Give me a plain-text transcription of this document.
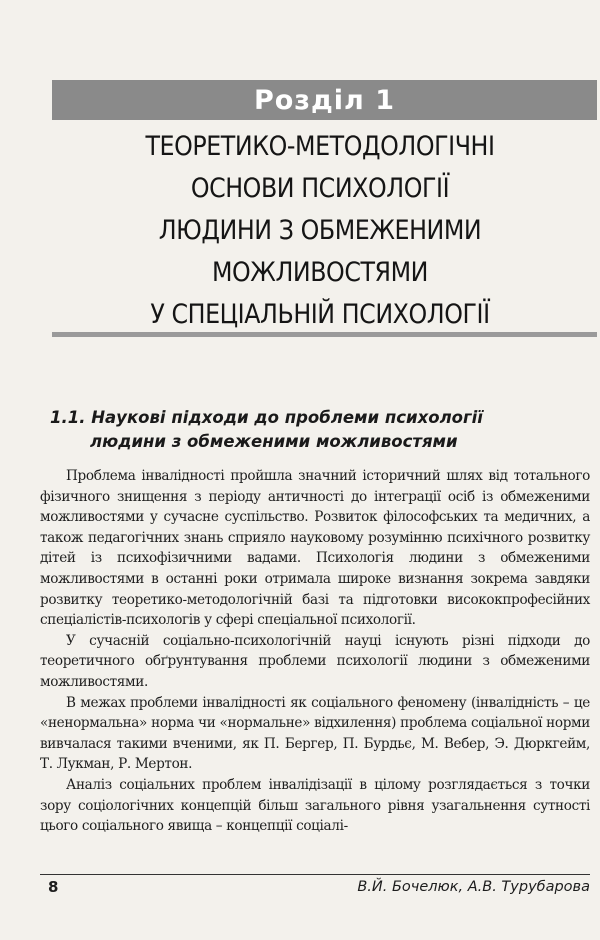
Розділ 1
ТЕОРЕТИКО-МЕТОДОЛОГІЧНІ
ОСНОВИ ПСИХОЛОГІЇ
ЛЮДИНИ З ОБМЕЖЕНИМИ
МОЖЛИВОСТЯМИ
У СПЕЦІАЛЬНІЙ ПСИХОЛОГІЇ
1.1. Наукові підходи до проблеми психології
людини з обмеженими можливостями

Проблема інвалідності пройшла значний історичний шлях від тотального фізичного знищення з періоду античності до інтеграції осіб із обмеженими можливостями у сучасне суспільство. Розвиток філософських та медичних, а також педагогічних знань сприяло науковому розумінню психічного розвитку дітей із психофізичними вадами. Психологія людини з обмеженими можливостями в останні роки отримала широке визнання зокрема завдяки розвитку теоретико-методологічній базі та підготовки висококпрофесійних спеціалістів-психологів у сфері спеціальної психології.

У сучасній соціально-психологічній науці існують різні підходи до теоретичного обґрунтування проблеми психології людини з обмеженими можливостями.

В межах проблеми інвалідності як соціального феномену (інвалідність – це «ненормальна» норма чи «нормальне» відхилення) проблема соціальної норми вивчалася такими вченими, як П. Бергер, П. Бурдьє, М. Вебер, Э. Дюркгейм, Т. Лукман, Р. Мертон.

Аналіз соціальних проблем інвалідізації в цілому розглядається з точки зору соціологічних концепцій більш загального рівня узагальнення сутності цього соціального явища – концепції соціалі-

8	В.Й. Бочелюк, А.В. Турубарова
